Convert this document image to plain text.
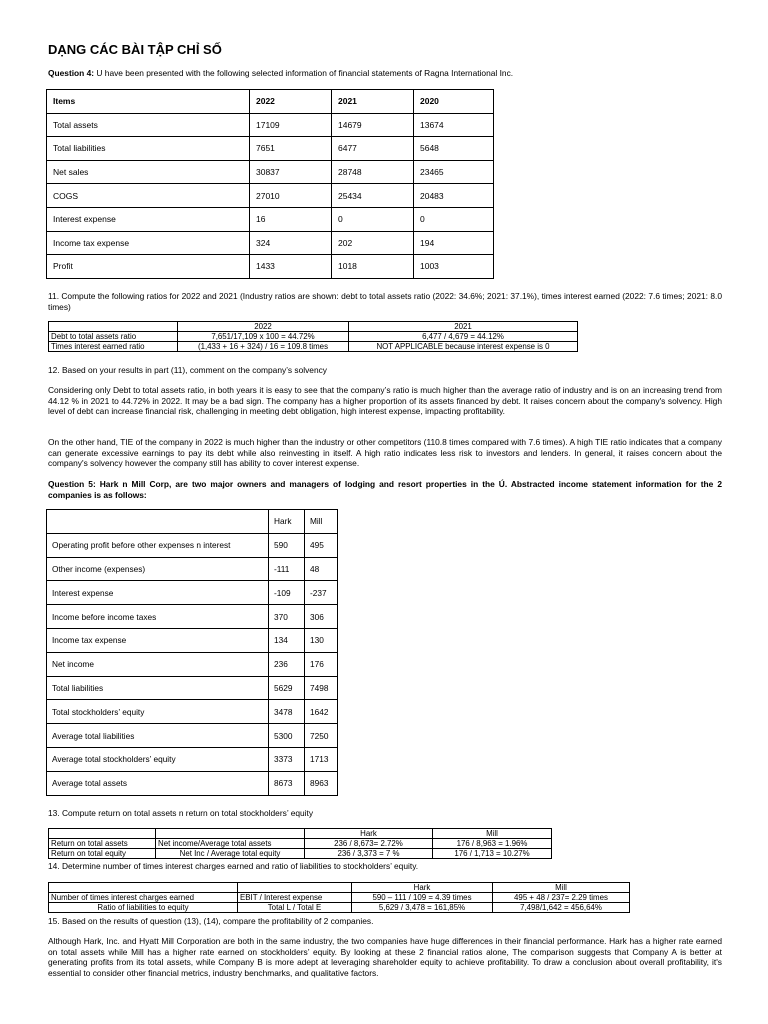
DẠNG CÁC BÀI TẬP CHỈ SỐ
Question 4: U have been presented with the following selected information of financial statements of Ragna International Inc.
Items	2022	2021	2020
Total assets	17109	14679	13674
Total liabilities	7651	6477	5648
Net sales	30837	28748	23465
COGS	27010	25434	20483
Interest expense	16	0	0
Income tax expense	324	202	194
Profit	1433	1018	1003
11. Compute the following ratios for 2022 and 2021 (Industry ratios are shown: debt to total assets ratio (2022: 34.6%; 2021: 37.1%), times interest earned (2022: 7.6 times; 2021: 8.0 times)
	2022	2021
Debt to total assets ratio	7,651/17,109 x 100 = 44.72%	6,477 / 4,679 = 44.12%
Times interest earned ratio	(1,433 + 16 + 324) / 16 = 109.8 times	NOT APPLICABLE because interest expense is 0
12. Based on your results in part (11), comment on the company’s solvency
Considering only Debt to total assets ratio, in both years it is easy to see that the company’s ratio is much higher than the average ratio of industry and is on an increasing trend from 44.12 % in 2021 to 44.72% in 2022. It may be a bad sign. The company has a higher proportion of its assets financed by debt. It raises concern about the company's solvency. High level of debt can increase financial risk, challenging in meeting debt obligation, high interest expense, impacting profitability.
On the other hand, TIE of the company in 2022 is much higher than the industry or other competitors (110.8 times compared with 7.6 times). A high TIE ratio indicates that a company can generate excessive earnings to pay its debt while also reinvesting in itself. A high ratio indicates less risk to investors and lenders. In general, it raises concern about the company's solvency however the company still has ability to cover interest expense.
Question 5: Hark n Mill Corp, are two major owners and managers of lodging and resort properties in the Ú. Abstracted income statement information for the 2 companies is as follows:
	Hark	Mill
Operating profit before other expenses n interest	590	495
Other income (expenses)	-111	48
Interest expense	-109	-237
Income before income taxes	370	306
Income tax expense	134	130
Net income	236	176
Total liabilities	5629	7498
Total stockholders’ equity	3478	1642
Average total liabilities	5300	7250
Average total stockholders’ equity	3373	1713
Average total assets	8673	8963
13. Compute return on total assets n return on total stockholders’ equity
		Hark	Mill
Return on total assets	Net income/Average total assets	236 / 8,673= 2.72%	176 / 8,963 = 1.96%
Return on total equity	Net Inc / Average total equity	236 / 3,373 = 7 %	176 / 1,713 = 10.27%
14. Determine number of times interest charges earned and ratio of liabilities to stockholders’ equity.
		Hark	Mill
Number of times interest charges earned	EBIT / Interest expense	590 – 111 / 109 = 4.39 times	495 + 48 / 237= 2.29 times
Ratio of liabilities to equity	Total L / Total E	5,629 / 3,478 = 161,85%	7,498/1,642 = 456,64%
15. Based on the results of question (13), (14), compare the profitability of 2 companies.
Although Hark, Inc. and Hyatt Mill Corporation are both in the same industry, the two companies have huge differences in their financial performance. Hark has a higher rate earned on total assets while Mill has a higher rate earned on stockholders’ equity. By looking at these 2 financial ratios alone, The comparison suggests that Company A is better at generating profits from its total assets, while Company B is more adept at leveraging shareholder equity to achieve profitability. To draw a conclusion about overall profitability, it's essential to consider other financial metrics, industry benchmarks, and qualitative factors.
